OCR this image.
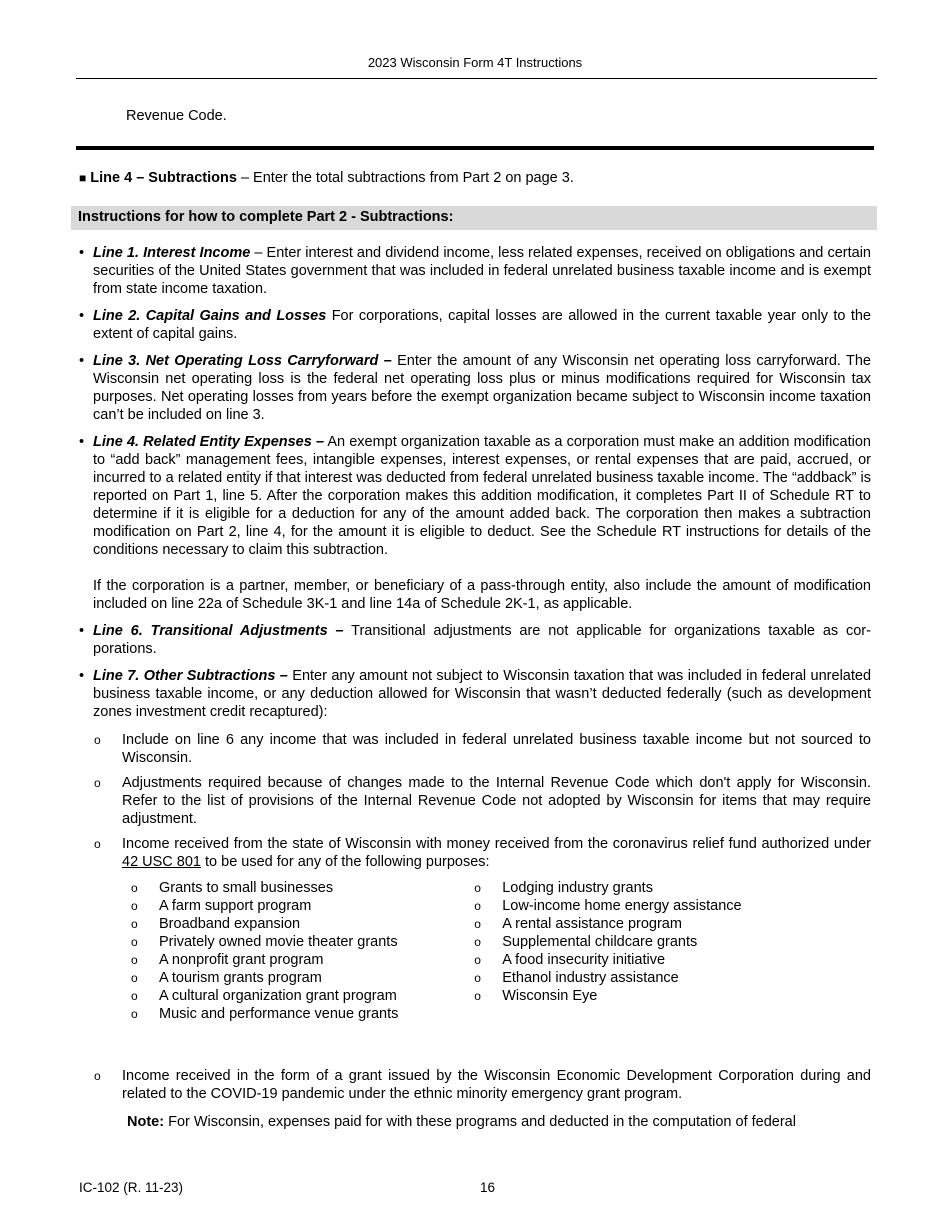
2023 Wisconsin Form 4T Instructions
Revenue Code.
■ Line 4 – Subtractions – Enter the total subtractions from Part 2 on page 3.
Instructions for how to complete Part 2 - Subtractions:
• Line 1. Interest Income – Enter interest and dividend income, less related expenses, received on obligations and certain securities of the United States government that was included in federal unrelated business taxable income and is exempt from state income taxation.
• Line 2. Capital Gains and Losses For corporations, capital losses are allowed in the current taxable year only to the extent of capital gains.
• Line 3. Net Operating Loss Carryforward – Enter the amount of any Wisconsin net operating loss carryforward. The Wisconsin net operating loss is the federal net operating loss plus or minus modifications required for Wisconsin tax purposes. Net operating losses from years before the exempt organization became subject to Wisconsin income taxation can’t be included on line 3.
• Line 4. Related Entity Expenses – An exempt organization taxable as a corporation must make an addition modification to “add back” management fees, intangible expenses, interest expenses, or rental expenses that are paid, accrued, or incurred to a related entity if that interest was deducted from federal unrelated business taxable income. The “addback” is reported on Part 1, line 5. After the corporation makes this addition modification, it completes Part II of Schedule RT to determine if it is eligible for a deduction for any of the amount added back. The corporation then makes a subtraction modification on Part 2, line 4, for the amount it is eligible to deduct. See the Schedule RT instructions for details of the conditions necessary to claim this subtraction.
If the corporation is a partner, member, or beneficiary of a pass-through entity, also include the amount of modification included on line 22a of Schedule 3K-1 and line 14a of Schedule 2K-1, as applicable.
• Line 6. Transitional Adjustments – Transitional adjustments are not applicable for organizations taxable as corporations.
• Line 7. Other Subtractions – Enter any amount not subject to Wisconsin taxation that was included in federal unrelated business taxable income, or any deduction allowed for Wisconsin that wasn’t deducted federally (such as development zones investment credit recaptured):
o	Include on line 6 any income that was included in federal unrelated business taxable income but not sourced to Wisconsin.
o	Adjustments required because of changes made to the Internal Revenue Code which don't apply for Wisconsin. Refer to the list of provisions of the Internal Revenue Code not adopted by Wisconsin for items that may require adjustment.
o	Income received from the state of Wisconsin with money received from the coronavirus relief fund authorized under 42 USC 801 to be used for any of the following purposes:
o	Grants to small businesses
o	A farm support program
o	Broadband expansion
o	Privately owned movie theater grants
o	A nonprofit grant program
o	A tourism grants program
o	A cultural organization grant program
o	Music and performance venue grants
o	Lodging industry grants
o	Low-income home energy assistance
o	A rental assistance program
o	Supplemental childcare grants
o	A food insecurity initiative
o	Ethanol industry assistance
o	Wisconsin Eye
o	Income received in the form of a grant issued by the Wisconsin Economic Development Corporation during and related to the COVID-19 pandemic under the ethnic minority emergency grant program.
Note: For Wisconsin, expenses paid for with these programs and deducted in the computation of federal
IC-102 (R. 11-23)	16
